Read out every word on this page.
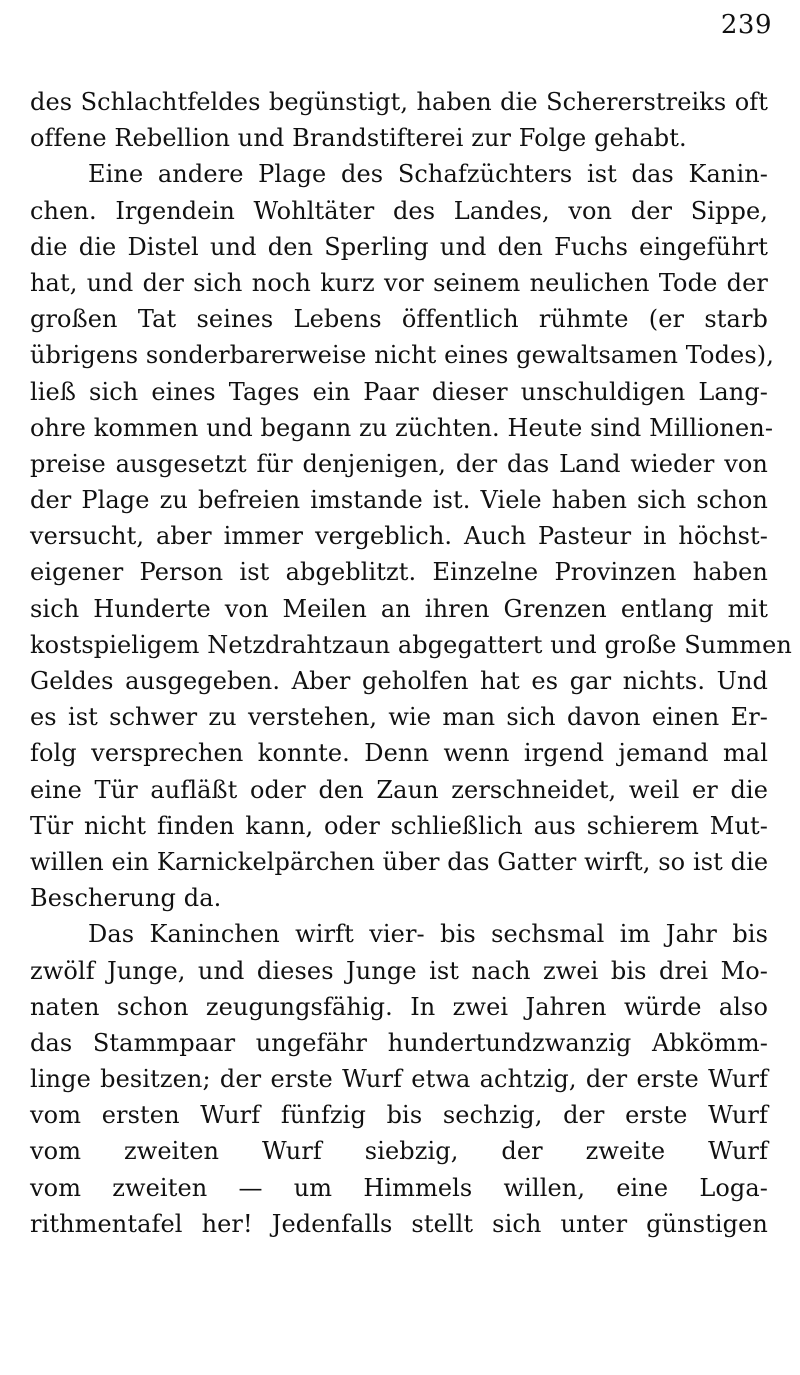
239
des Schlachtfeldes begünstigt, haben die Schererstreiks oft
offene Rebellion und Brandstifterei zur Folge gehabt.
Eine andere Plage des Schafzüchters ist das Kanin-
chen. Irgendein Wohltäter des Landes, von der Sippe,
die die Distel und den Sperling und den Fuchs eingeführt
hat, und der sich noch kurz vor seinem neulichen Tode der
großen Tat seines Lebens öffentlich rühmte (er starb
übrigens sonderbarerweise nicht eines gewaltsamen Todes),
ließ sich eines Tages ein Paar dieser unschuldigen Lang-
ohre kommen und begann zu züchten. Heute sind Millionen-
preise ausgesetzt für denjenigen, der das Land wieder von
der Plage zu befreien imstande ist. Viele haben sich schon
versucht, aber immer vergeblich. Auch Pasteur in höchst-
eigener Person ist abgeblitzt. Einzelne Provinzen haben
sich Hunderte von Meilen an ihren Grenzen entlang mit
kostspieligem Netzdrahtzaun abgegattert und große Summen
Geldes ausgegeben. Aber geholfen hat es gar nichts. Und
es ist schwer zu verstehen, wie man sich davon einen Er-
folg versprechen konnte. Denn wenn irgend jemand mal
eine Tür aufläßt oder den Zaun zerschneidet, weil er die
Tür nicht finden kann, oder schließlich aus schierem Mut-
willen ein Karnickelpärchen über das Gatter wirft, so ist die
Bescherung da.
Das Kaninchen wirft vier- bis sechsmal im Jahr bis
zwölf Junge, und dieses Junge ist nach zwei bis drei Mo-
naten schon zeugungsfähig. In zwei Jahren würde also
das Stammpaar ungefähr hundertundzwanzig Abkömm-
linge besitzen; der erste Wurf etwa achtzig, der erste Wurf
vom ersten Wurf fünfzig bis sechzig, der erste Wurf
vom zweiten Wurf siebzig, der zweite Wurf
vom zweiten — um Himmels willen, eine Loga-
rithmentafel her! Jedenfalls stellt sich unter günstigen
